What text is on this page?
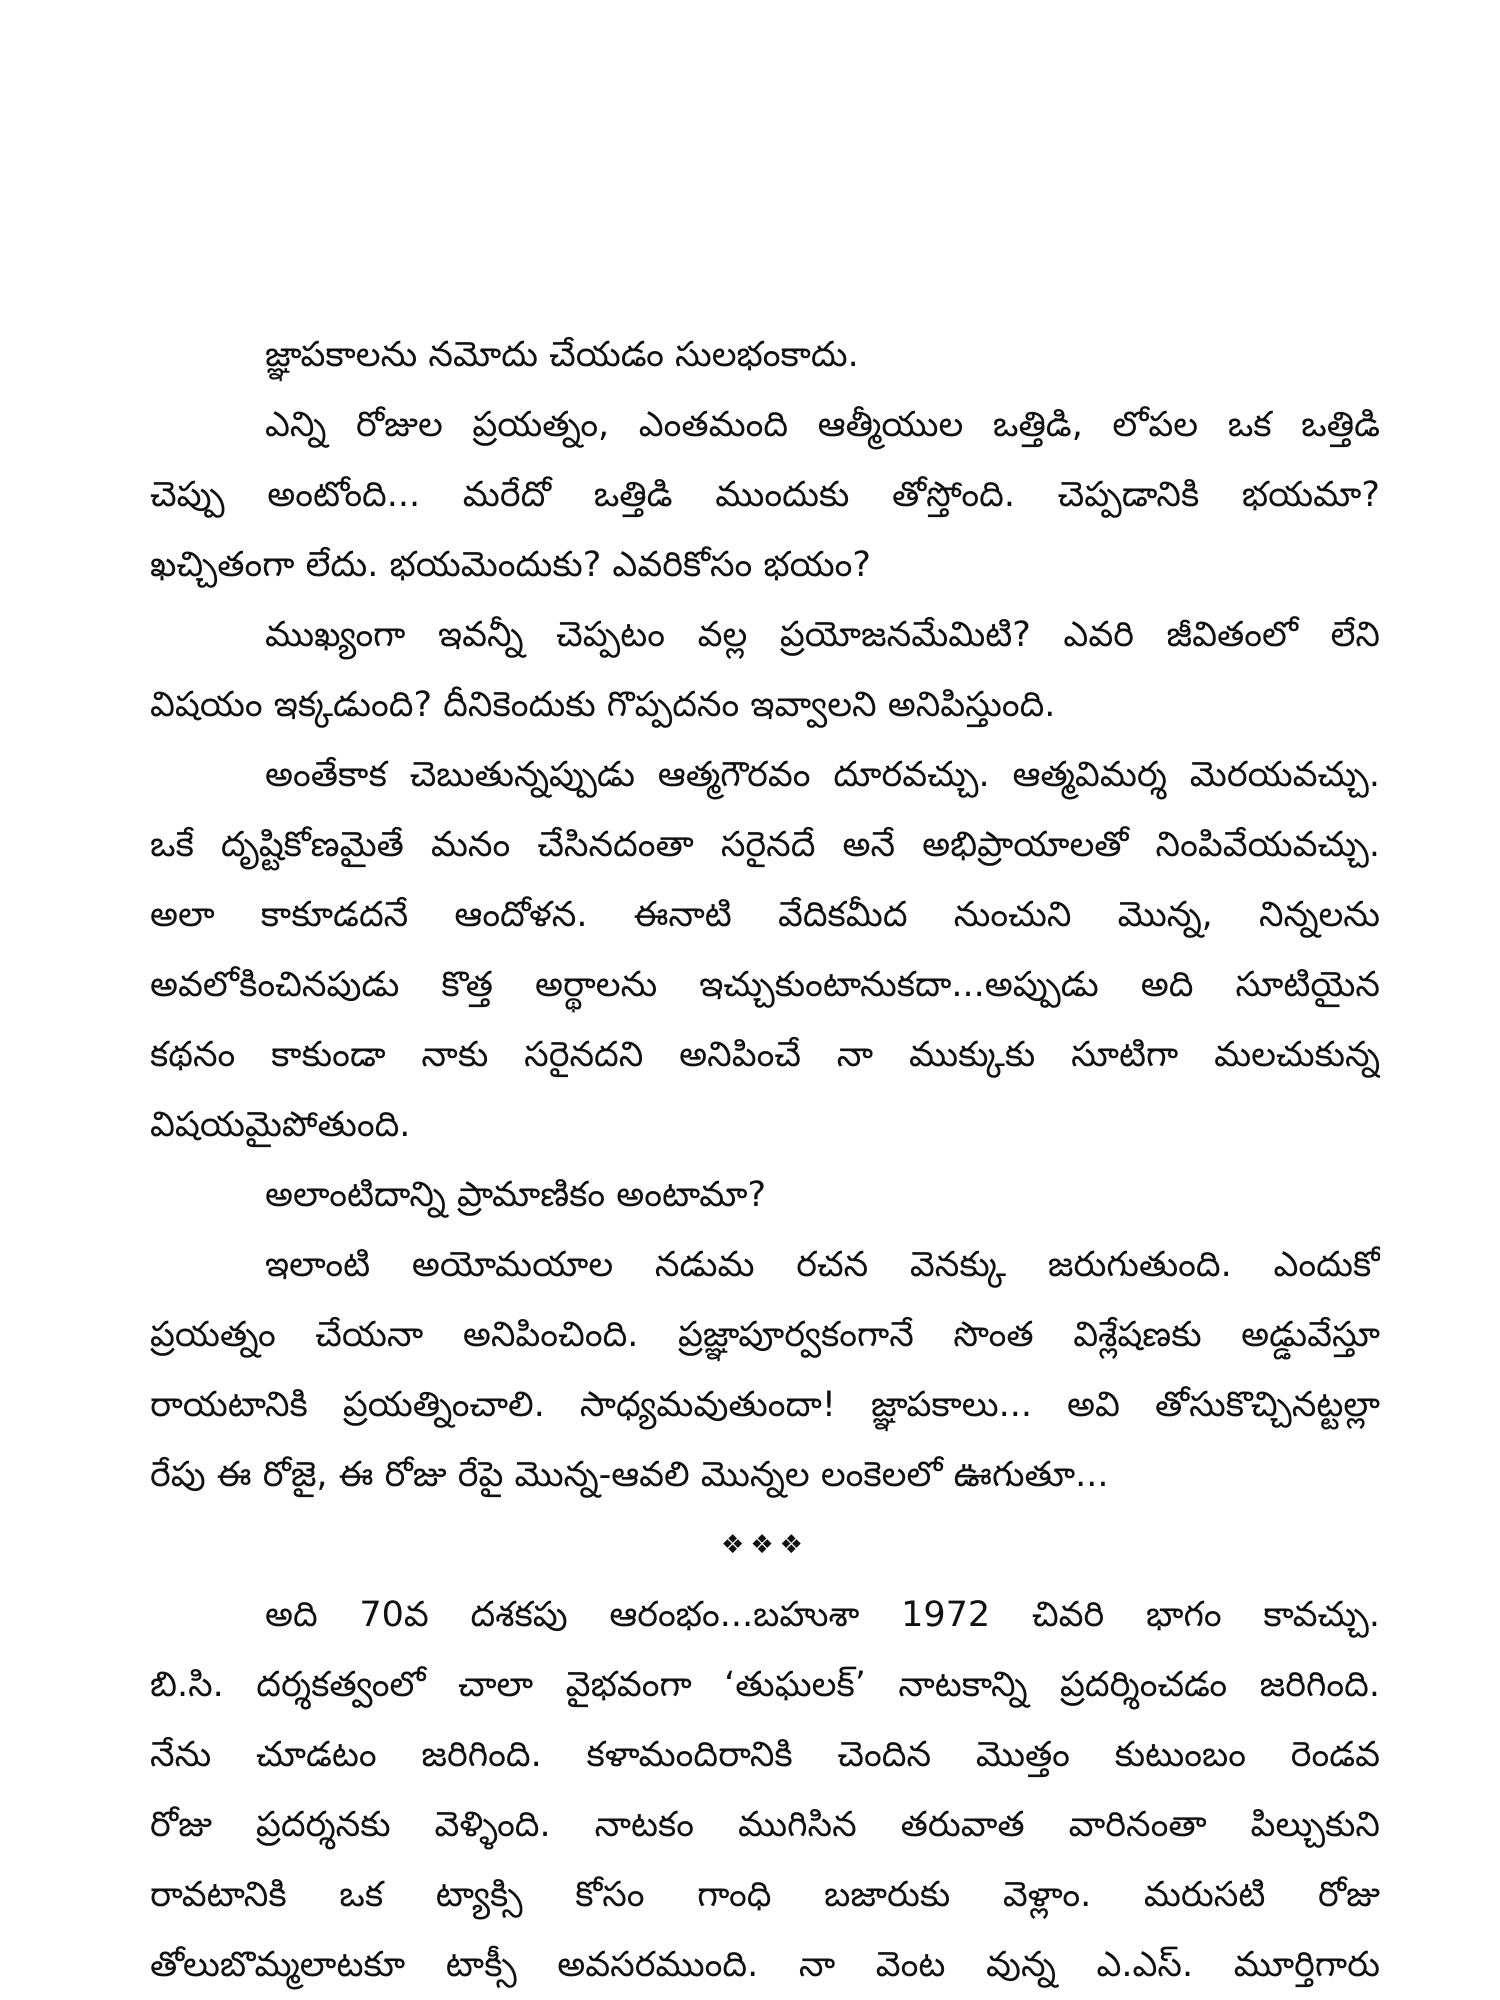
జ్ఞాపకాలను నమోదు చేయడం సులభంకాదు.
ఎన్ని రోజుల ప్రయత్నం, ఎంతమంది ఆత్మీయుల ఒత్తిడి, లోపల ఒక ఒత్తిడి
చెప్పు అంటోంది... మరేదో ఒత్తిడి ముందుకు తోస్తోంది. చెప్పడానికి భయమా?
ఖచ్చితంగా లేదు. భయమెందుకు? ఎవరికోసం భయం?
ముఖ్యంగా ఇవన్నీ చెప్పటం వల్ల ప్రయోజనమేమిటి? ఎవరి జీవితంలో లేని
విషయం ఇక్కడుంది? దీనికెందుకు గొప్పదనం ఇవ్వాలని అనిపిస్తుంది.
అంతేకాక చెబుతున్నప్పుడు ఆత్మగౌరవం దూరవచ్చు. ఆత్మవిమర్శ మెరయవచ్చు.
ఒకే దృష్టికోణమైతే మనం చేసినదంతా సరైనదే అనే అభిప్రాయాలతో నింపివేయవచ్చు.
అలా కాకూడదనే ఆందోళన. ఈనాటి వేదికమీద నుంచుని మొన్న, నిన్నలను
అవలోకించినపుడు కొత్త అర్థాలను ఇచ్చుకుంటానుకదా...అప్పుడు అది సూటియైన
కథనం కాకుండా నాకు సరైనదని అనిపించే నా ముక్కుకు సూటిగా మలచుకున్న
విషయమైపోతుంది.
అలాంటిదాన్ని ప్రామాణికం అంటామా?
ఇలాంటి అయోమయాల నడుమ రచన వెనక్కు జరుగుతుంది. ఎందుకో
ప్రయత్నం చేయనా అనిపించింది. ప్రజ్ఞాపూర్వకంగానే సొంత విశ్లేషణకు అడ్డువేస్తూ
రాయటానికి ప్రయత్నించాలి. సాధ్యమవుతుందా! జ్ఞాపకాలు... అవి తోసుకొచ్చినట్టల్లా
రేపు ఈ రోజై, ఈ రోజు రేపై మొన్న-ఆవలి మొన్నల లంకెలలో ఊగుతూ...
❖❖❖
అది 70వ దశకపు ఆరంభం...బహుశా 1972 చివరి భాగం కావచ్చు.
బి.సి. దర్శకత్వంలో చాలా వైభవంగా ‘తుఘలక్’ నాటకాన్ని ప్రదర్శించడం జరిగింది.
నేను చూడటం జరిగింది. కళామందిరానికి చెందిన మొత్తం కుటుంబం రెండవ
రోజు ప్రదర్శనకు వెళ్ళింది. నాటకం ముగిసిన తరువాత వారినంతా పిల్చుకుని
రావటానికి ఒక ట్యాక్సి కోసం గాంధి బజారుకు వెళ్లాం. మరుసటి రోజు
తోలుబొమ్మలాటకూ టాక్సీ అవసరముంది. నా వెంట వున్న ఎ.ఎస్. మూర్తిగారు
